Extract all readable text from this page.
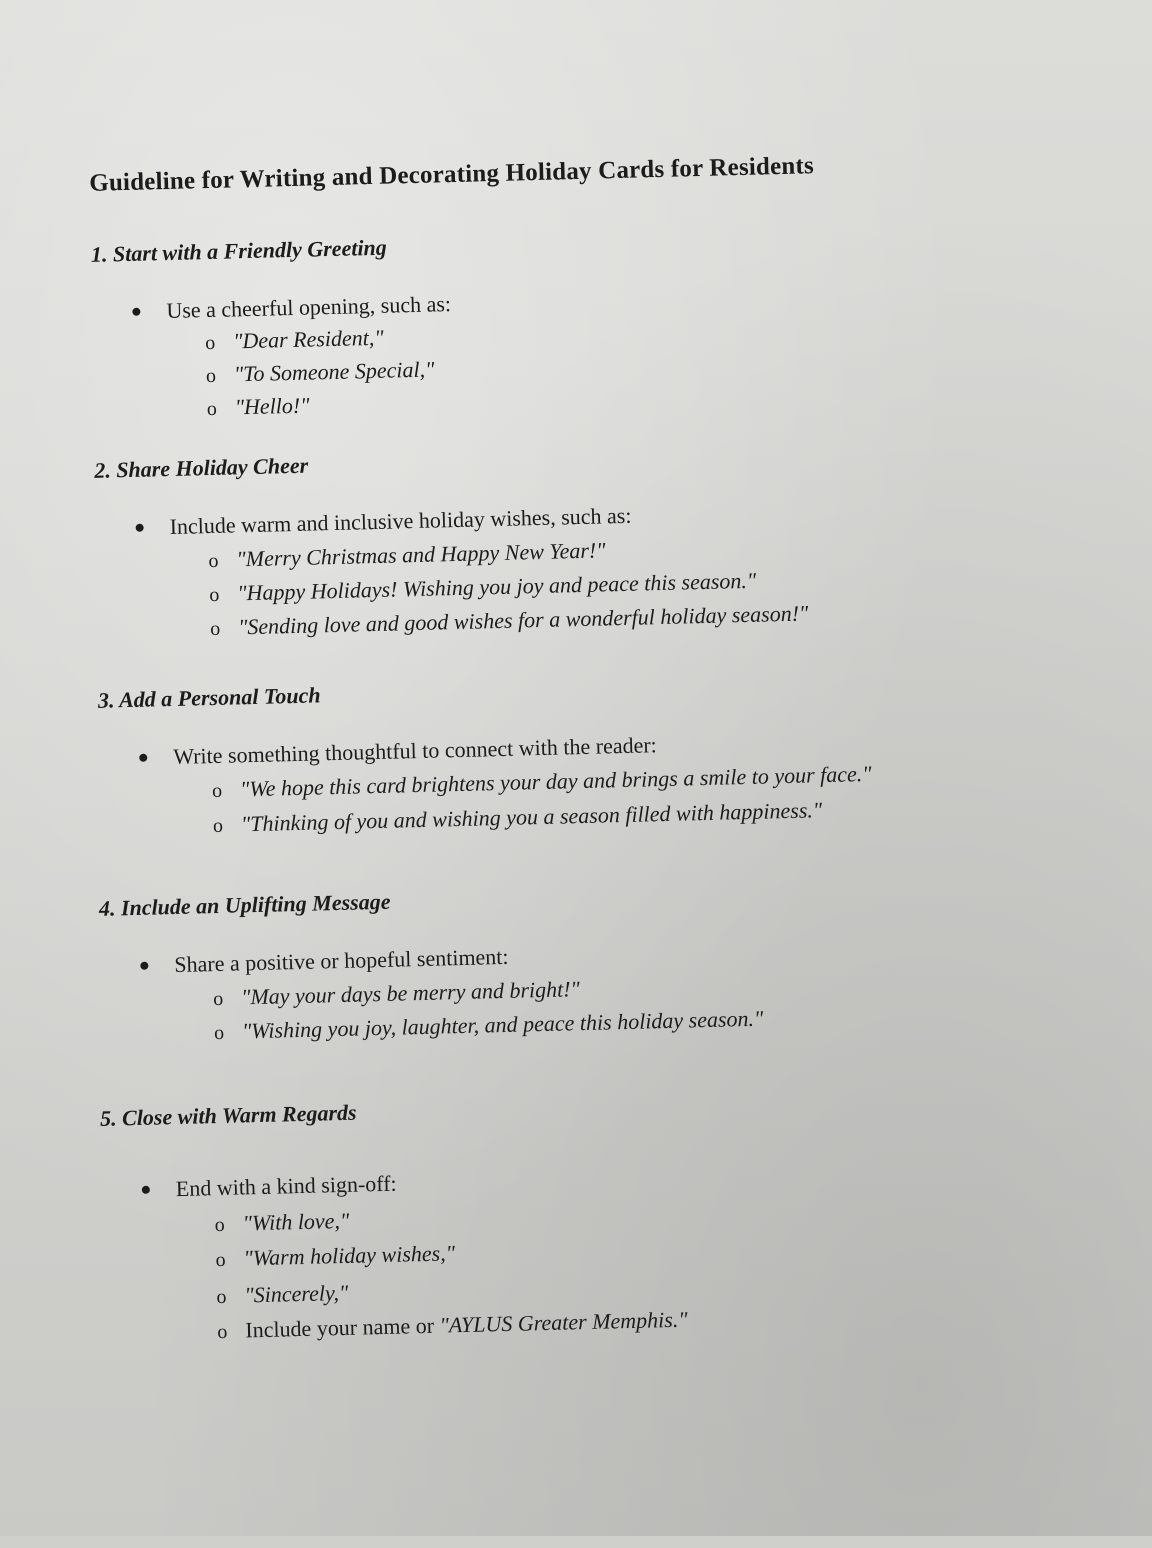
Guideline for Writing and Decorating Holiday Cards for Residents
1. Start with a Friendly Greeting
Use a cheerful opening, such as:
o "Dear Resident,"
o "To Someone Special,"
o "Hello!"
2. Share Holiday Cheer
Include warm and inclusive holiday wishes, such as:
o "Merry Christmas and Happy New Year!"
o "Happy Holidays! Wishing you joy and peace this season."
o "Sending love and good wishes for a wonderful holiday season!"
3. Add a Personal Touch
Write something thoughtful to connect with the reader:
o "We hope this card brightens your day and brings a smile to your face."
o "Thinking of you and wishing you a season filled with happiness."
4. Include an Uplifting Message
Share a positive or hopeful sentiment:
o "May your days be merry and bright!"
o "Wishing you joy, laughter, and peace this holiday season."
5. Close with Warm Regards
End with a kind sign-off:
o "With love,"
o "Warm holiday wishes,"
o "Sincerely,"
o Include your name or "AYLUS Greater Memphis."
